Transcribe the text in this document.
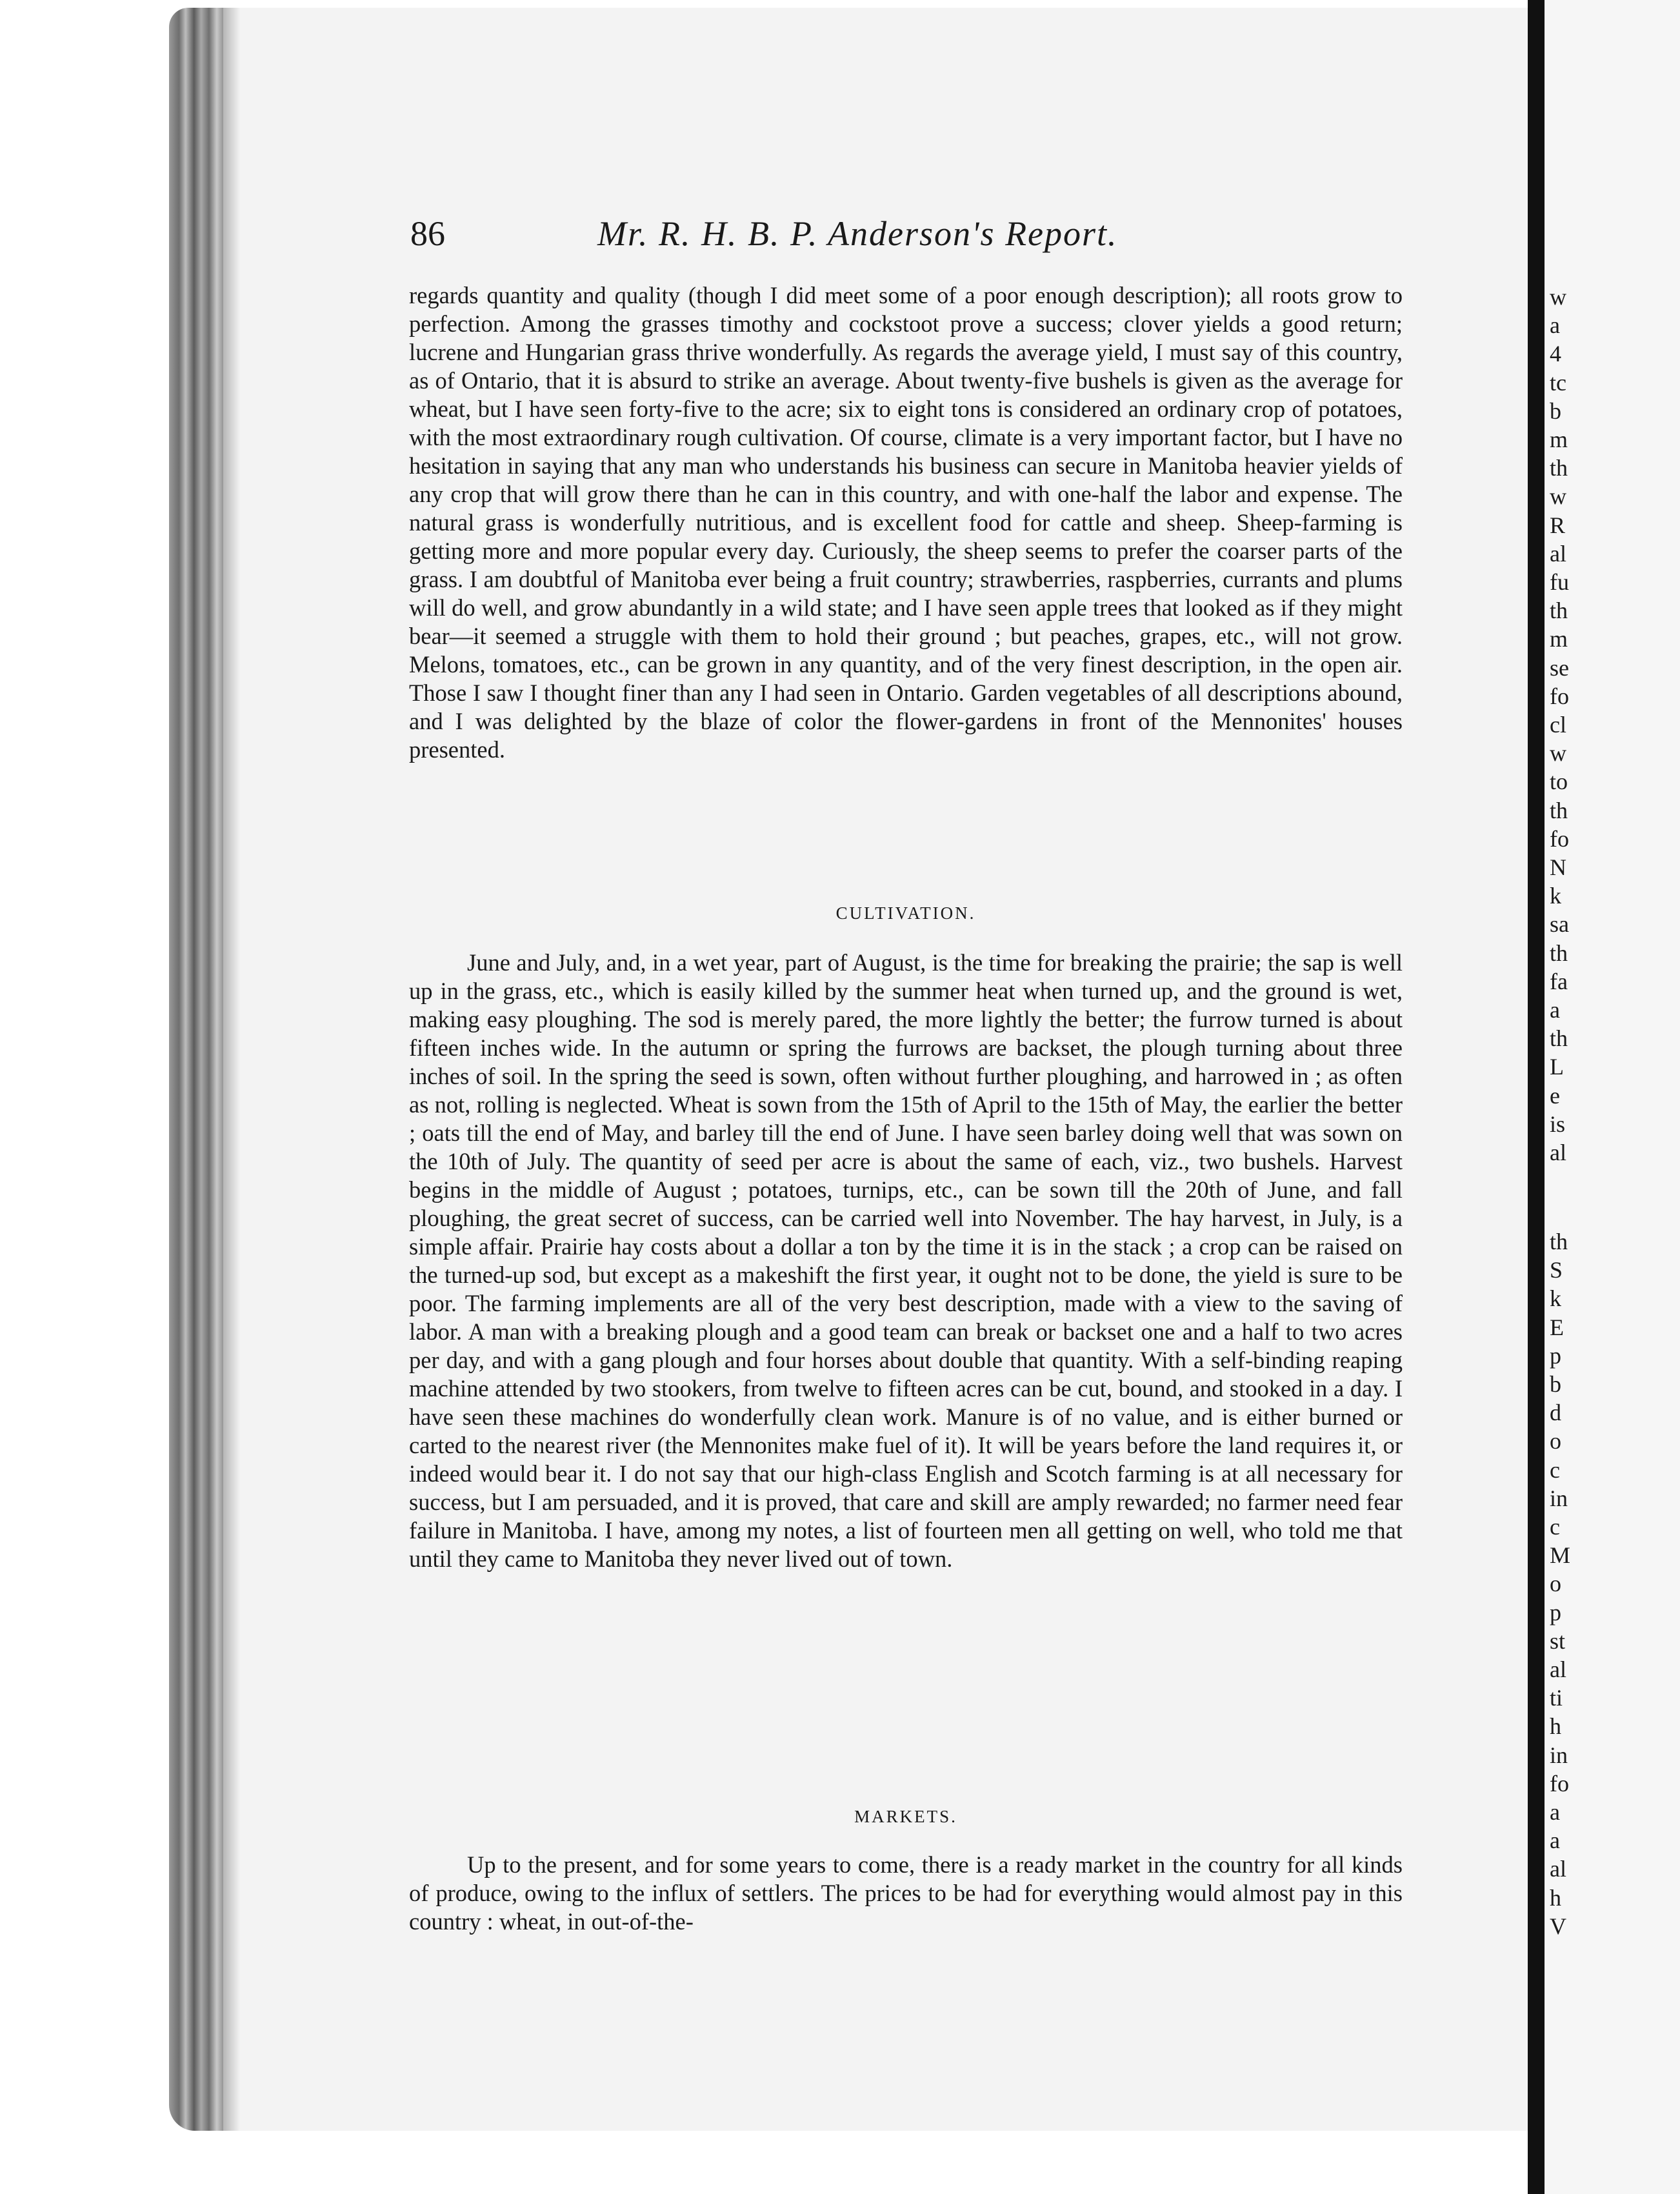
86	Mr. R. H. B. P. Anderson's Report.

regards quantity and quality (though I did meet some of a poor enough description); all roots grow to perfection. Among the grasses timothy and cockstoot prove a success; clover yields a good return; lucrene and Hungarian grass thrive wonderfully. As regards the average yield, I must say of this country, as of Ontario, that it is absurd to strike an average. About twenty-five bushels is given as the average for wheat, but I have seen forty-five to the acre; six to eight tons is considered an ordinary crop of potatoes, with the most extraordinary rough cultivation. Of course, climate is a very important factor, but I have no hesitation in saying that any man who understands his business can secure in Manitoba heavier yields of any crop that will grow there than he can in this country, and with one-half the labor and expense. The natural grass is wonderfully nutritious, and is excellent food for cattle and sheep. Sheep-farming is getting more and more popular every day. Curiously, the sheep seems to prefer the coarser parts of the grass. I am doubtful of Manitoba ever being a fruit country; strawberries, raspberries, currants and plums will do well, and grow abundantly in a wild state; and I have seen apple trees that looked as if they might bear—it seemed a struggle with them to hold their ground ; but peaches, grapes, etc., will not grow. Melons, tomatoes, etc., can be grown in any quantity, and of the very finest description, in the open air. Those I saw I thought finer than any I had seen in Ontario. Garden vegetables of all descriptions abound, and I was delighted by the blaze of color the flower-gardens in front of the Mennonites' houses presented.

CULTIVATION.

June and July, and, in a wet year, part of August, is the time for breaking the prairie; the sap is well up in the grass, etc., which is easily killed by the summer heat when turned up, and the ground is wet, making easy ploughing. The sod is merely pared, the more lightly the better; the furrow turned is about fifteen inches wide. In the autumn or spring the furrows are backset, the plough turning about three inches of soil. In the spring the seed is sown, often without further ploughing, and harrowed in ; as often as not, rolling is neglected. Wheat is sown from the 15th of April to the 15th of May, the earlier the better ; oats till the end of May, and barley till the end of June. I have seen barley doing well that was sown on the 10th of July. The quantity of seed per acre is about the same of each, viz., two bushels. Harvest begins in the middle of August ; potatoes, turnips, etc., can be sown till the 20th of June, and fall ploughing, the great secret of success, can be carried well into November. The hay harvest, in July, is a simple affair. Prairie hay costs about a dollar a ton by the time it is in the stack ; a crop can be raised on the turned-up sod, but except as a makeshift the first year, it ought not to be done, the yield is sure to be poor. The farming implements are all of the very best description, made with a view to the saving of labor. A man with a breaking plough and a good team can break or backset one and a half to two acres per day, and with a gang plough and four horses about double that quantity. With a self-binding reaping machine attended by two stookers, from twelve to fifteen acres can be cut, bound, and stooked in a day. I have seen these machines do wonderfully clean work. Manure is of no value, and is either burned or carted to the nearest river (the Mennonites make fuel of it). It will be years before the land requires it, or indeed would bear it. I do not say that our high-class English and Scotch farming is at all necessary for success, but I am persuaded, and it is proved, that care and skill are amply rewarded; no farmer need fear failure in Manitoba. I have, among my notes, a list of fourteen men all getting on well, who told me that until they came to Manitoba they never lived out of town.

MARKETS.

Up to the present, and for some years to come, there is a ready market in the country for all kinds of produce, owing to the influx of settlers. The prices to be had for everything would almost pay in this country : wheat, in out-of-the-

w
a
4
tc
b
m
th
w
R
al
fu
th
m
se
fo
cl
w
to
th
fo
N
k
sa
th
fa
a
th
L
e
is
al
th
S
k
E
p
b
d
o
c
in
c
M
o
p
st
al
ti
h
in
fo
a
a
al
h
V
